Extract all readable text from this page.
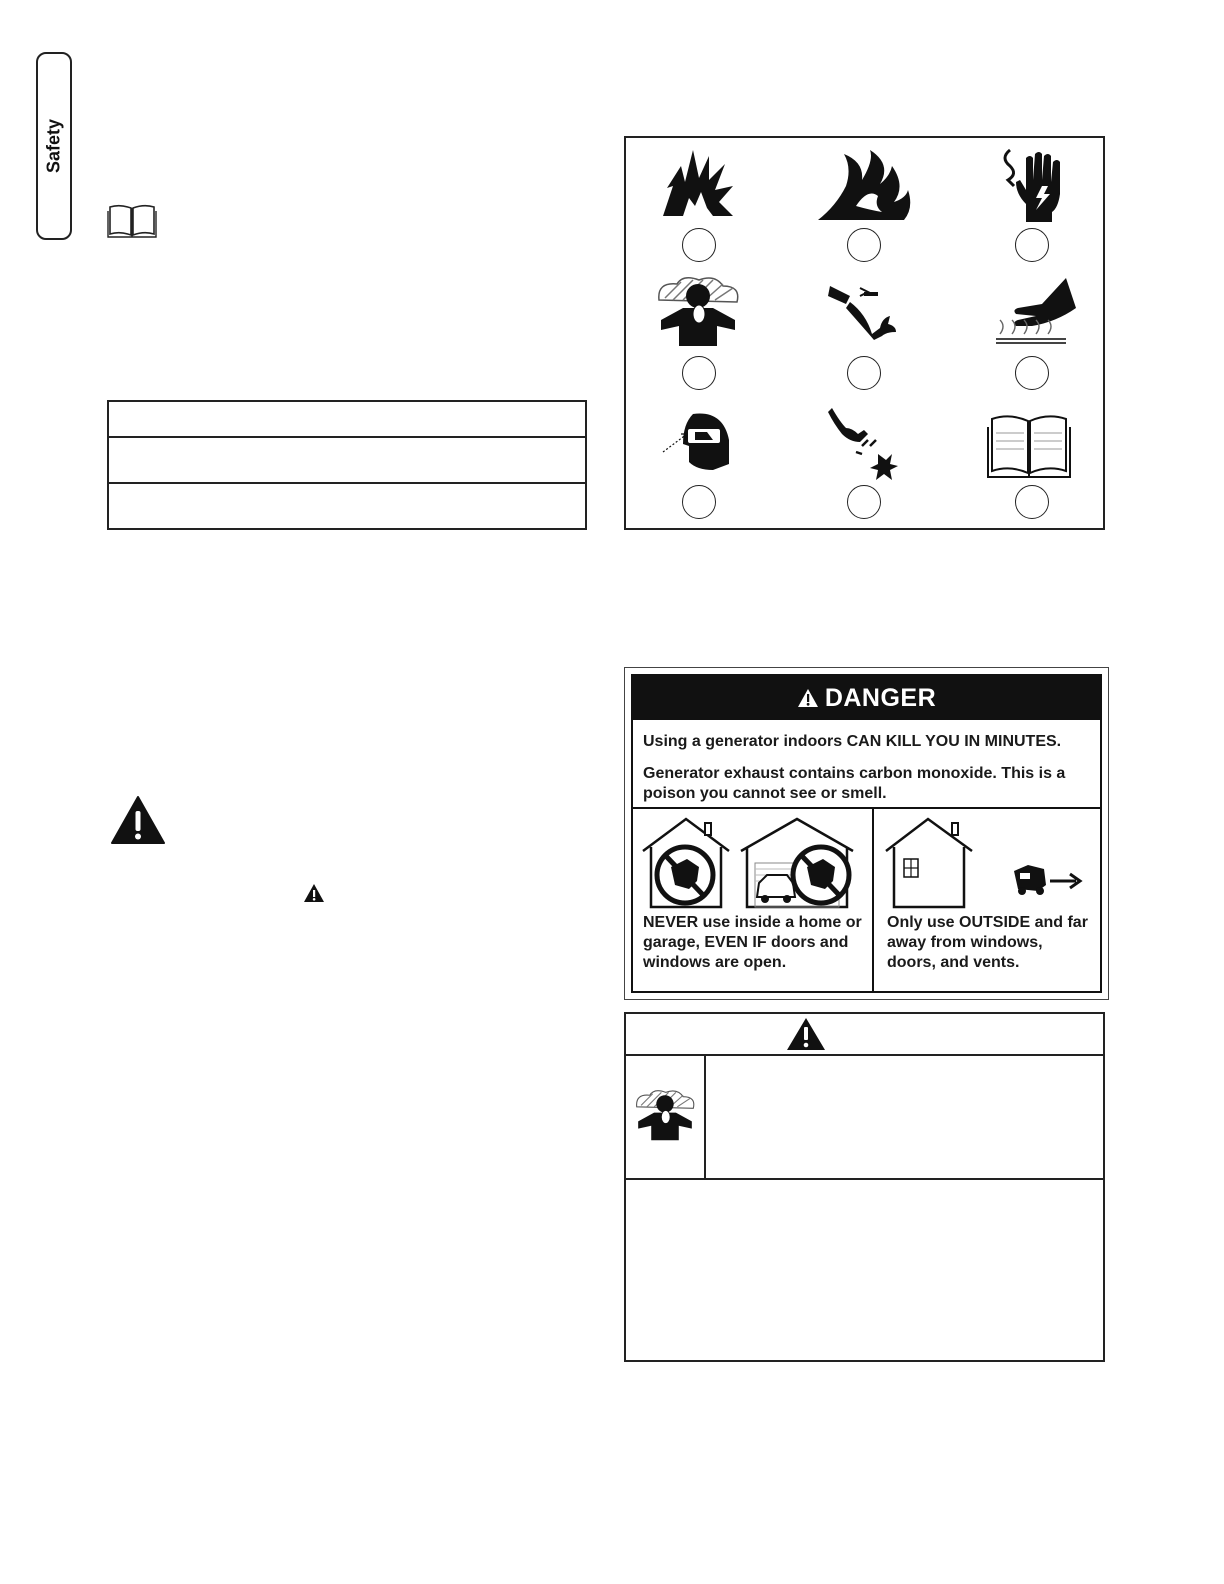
Safety
DANGER

Using a generator indoors CAN KILL YOU IN MINUTES.

Generator exhaust contains carbon monoxide. This is a poison you cannot see or smell.

NEVER use inside a home or garage, EVEN IF doors and windows are open.
Only use OUTSIDE and far away from windows, doors, and vents.
